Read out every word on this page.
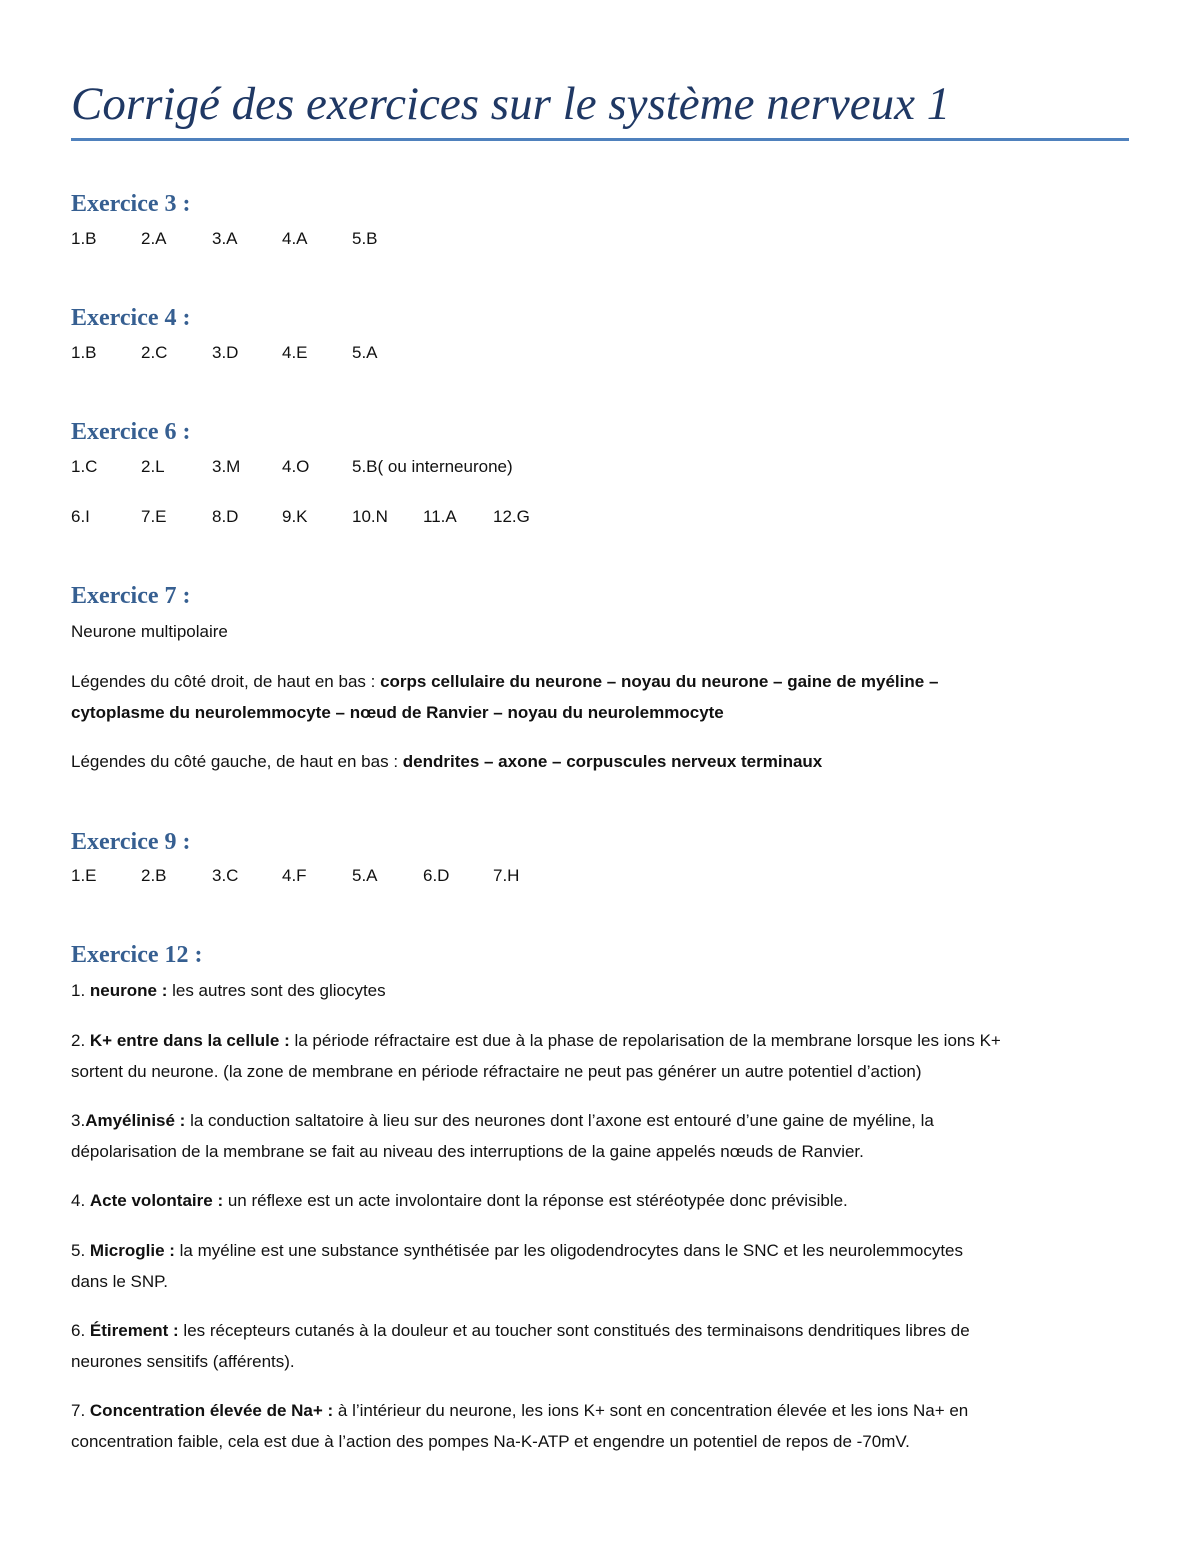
Corrigé des exercices sur le système nerveux 1
Exercice 3 :
1.B	2.A	3.A	4.A	5.B
Exercice 4 :
1.B	2.C	3.D	4.E	5.A
Exercice 6 :
1.C	2.L	3.M 4.O	5.B( ou interneurone)
6.I	7.E	8.D	9.K	10.N 11.A 12.G
Exercice 7 :

Neurone multipolaire

Légendes du côté droit, de haut en bas : corps cellulaire du neurone – noyau du neurone – gaine de myéline –
cytoplasme du neurolemmocyte – nœud de Ranvier – noyau du neurolemmocyte

Légendes du côté gauche, de haut en bas : dendrites – axone – corpuscules nerveux terminaux

Exercice 9 :
1.E	2.B	3.C	4.F	5.A	6.D	7.H
Exercice 12 :

1. neurone : les autres sont des gliocytes

2. K+ entre dans la cellule : la période réfractaire est due à la phase de repolarisation de la membrane lorsque les ions K+
sortent du neurone. (la zone de membrane en période réfractaire ne peut pas générer un autre potentiel d’action)

3.Amyélinisé : la conduction saltatoire à lieu sur des neurones dont l’axone est entouré d’une gaine de myéline, la
dépolarisation de la membrane se fait au niveau des interruptions de la gaine appelés nœuds de Ranvier.

4. Acte volontaire : un réflexe est un acte involontaire dont la réponse est stéréotypée donc prévisible.

5. Microglie : la myéline est une substance synthétisée par les oligodendrocytes dans le SNC et les neurolemmocytes
dans le SNP.

6. Étirement : les récepteurs cutanés à la douleur et au toucher sont constitués des terminaisons dendritiques libres de
neurones sensitifs (afférents).

7. Concentration élevée de Na+ : à l’intérieur du neurone, les ions K+ sont en concentration élevée et les ions Na+ en
concentration faible, cela est due à l’action des pompes Na-K-ATP et engendre un potentiel de repos de -70mV.
